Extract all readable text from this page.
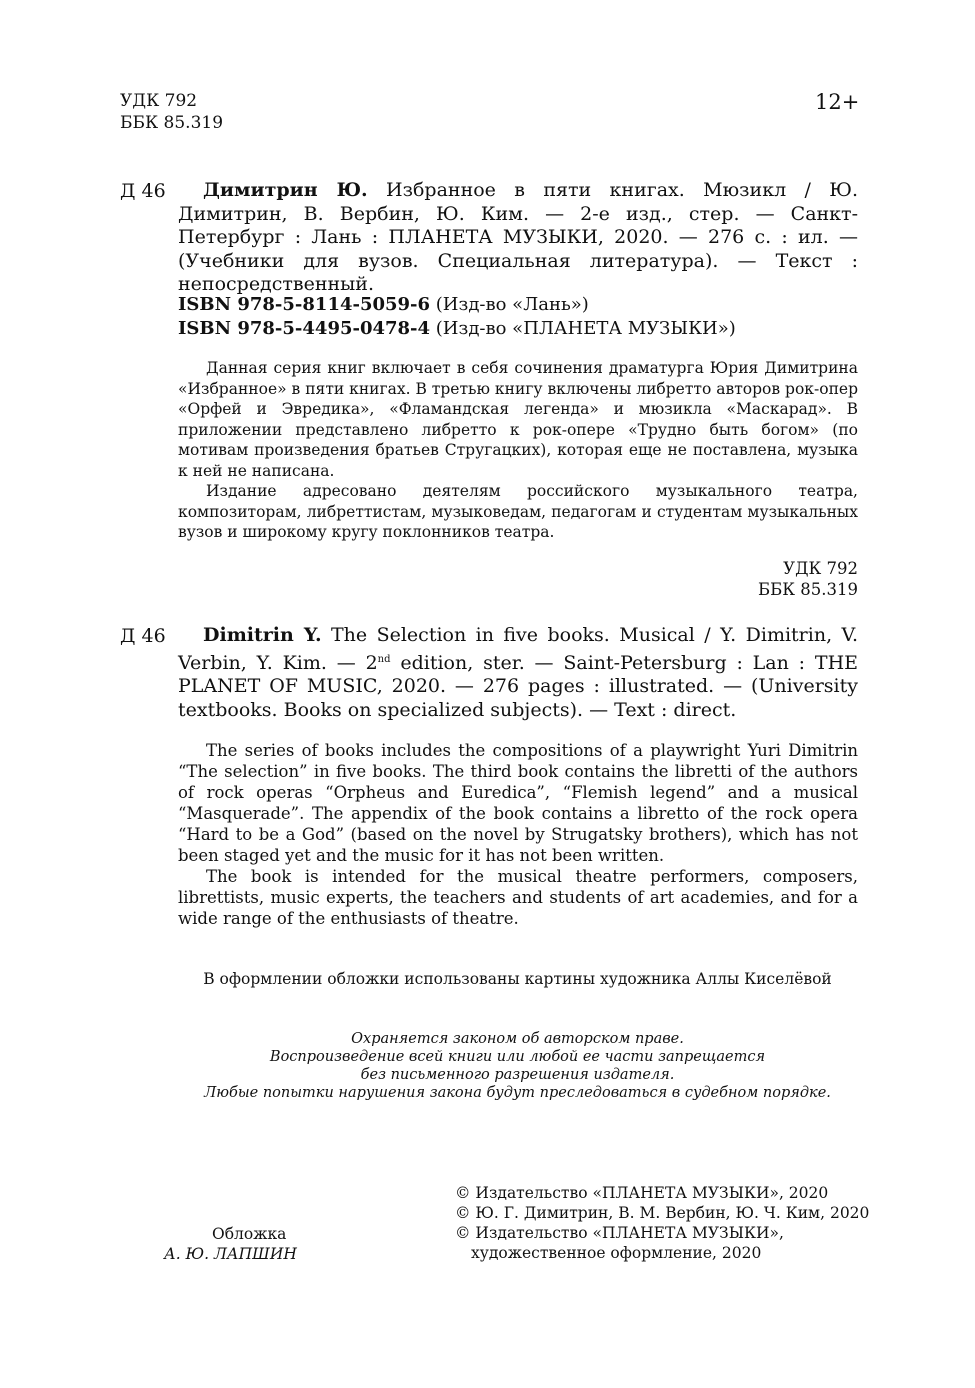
УДК 792
ББК 85.319
12+
Д 46	Димитрин Ю. Избранное в пяти книгах. Мюзикл / Ю. Димитрин, В. Вербин, Ю. Ким. — 2-е изд., стер. — Санкт-Петербург : Лань : ПЛАНЕТА МУЗЫКИ, 2020. — 276 с. : ил. — (Учебники для вузов. Специальная литература). — Текст : непосредственный.
ISBN 978-5-8114-5059-6 (Изд-во «Лань»)
ISBN 978-5-4495-0478-4 (Изд-во «ПЛАНЕТА МУЗЫКИ»)

Данная серия книг включает в себя сочинения драматурга Юрия Димитрина «Избранное» в пяти книгах. В третью книгу включены либретто авторов рок-опер «Орфей и Эвредика», «Фламандская легенда» и мюзикла «Маскарад». В приложении представлено либретто к рок-опере «Трудно быть богом» (по мотивам произведения братьев Стругацких), которая еще не поставлена, музыка к ней не написана.

Издание адресовано деятелям российского музыкального театра, композиторам, либреттистам, музыковедам, педагогам и студентам музыкальных вузов и широкому кругу поклонников театра.

УДК 792
ББК 85.319
Д 46	Dimitrin Y. The Selection in five books. Musical / Y. Dimitrin, V. Verbin, Y. Kim. — 2nd edition, ster. — Saint-Petersburg : Lan : THE PLANET OF MUSIC, 2020. — 276 pages : illustrated. — (University textbooks. Books on specialized subjects). — Text : direct.

The series of books includes the compositions of a playwright Yuri Dimitrin “The selection” in five books. The third book contains the libretti of the authors of rock operas “Orpheus and Euredica”, “Flemish legend” and a musical “Masquerade”. The appendix of the book contains a libretto of the rock opera “Hard to be a God” (based on the novel by Strugatsky brothers), which has not been staged yet and the music for it has not been written.

The book is intended for the musical theatre performers, composers, librettists, music experts, the teachers and students of art academies, and for a wide range of the enthusiasts of theatre.

В оформлении обложки использованы картины художника Аллы Киселёвой
Охраняется законом об авторском праве.
Воспроизведение всей книги или любой ее части запрещается
без письменного разрешения издателя.
Любые попытки нарушения закона будут преследоваться в судебном порядке.
Обложка
А. Ю. ЛАПШИН
© Издательство «ПЛАНЕТА МУЗЫКИ», 2020
© Ю. Г. Димитрин, В. М. Вербин, Ю. Ч. Ким, 2020
© Издательство «ПЛАНЕТА МУЗЫКИ»,
художественное оформление, 2020
